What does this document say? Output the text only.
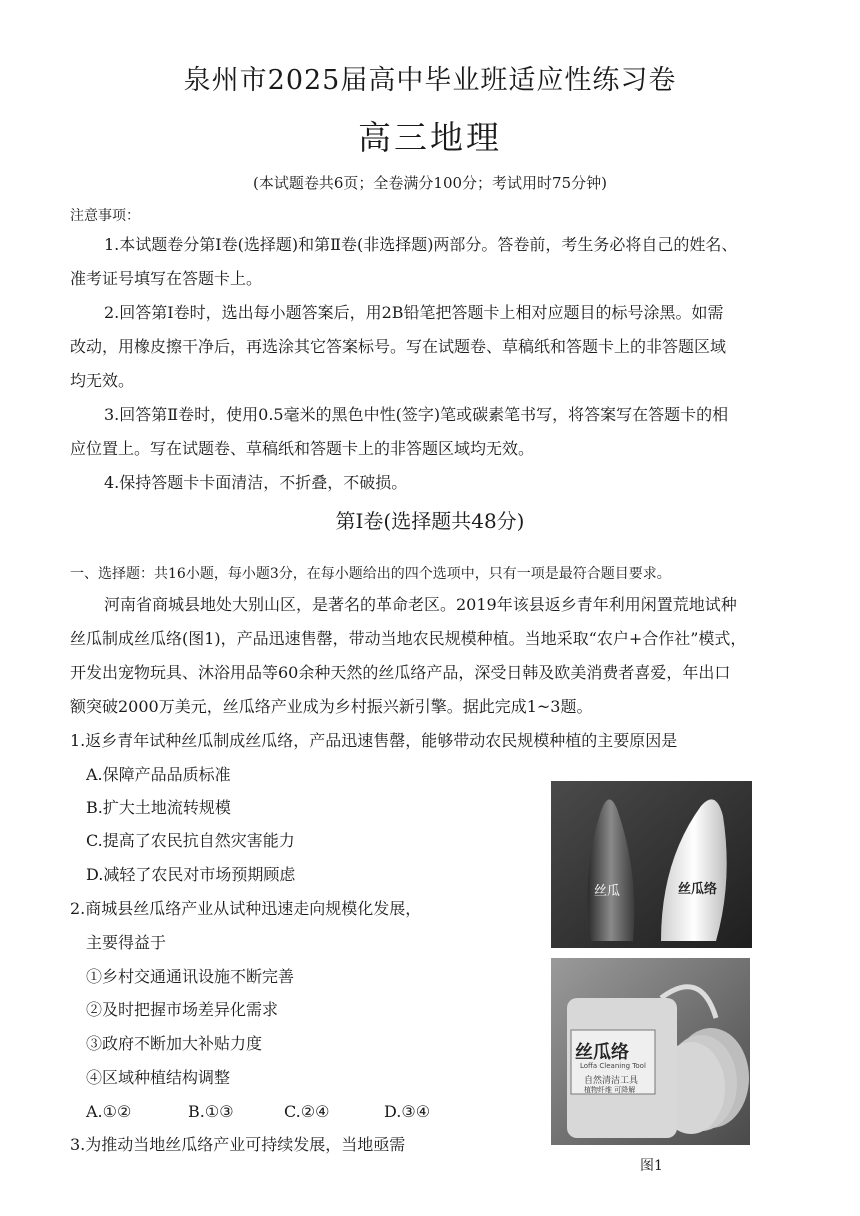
泉州市2025届高中毕业班适应性练习卷
高三地理
(本试题卷共6页；全卷满分100分；考试用时75分钟)
注意事项：
1.本试题卷分第Ⅰ卷(选择题)和第Ⅱ卷(非选择题)两部分。答卷前，考生务必将自己的姓名、
准考证号填写在答题卡上。
2.回答第Ⅰ卷时，选出每小题答案后，用2B铅笔把答题卡上相对应题目的标号涂黑。如需
改动，用橡皮擦干净后，再选涂其它答案标号。写在试题卷、草稿纸和答题卡上的非答题区域
均无效。
3.回答第Ⅱ卷时，使用0.5毫米的黑色中性(签字)笔或碳素笔书写，将答案写在答题卡的相
应位置上。写在试题卷、草稿纸和答题卡上的非答题区域均无效。
4.保持答题卡卡面清洁，不折叠，不破损。
第Ⅰ卷(选择题共48分)
一、选择题：共16小题，每小题3分，在每小题给出的四个选项中，只有一项是最符合题目要求。
河南省商城县地处大别山区，是著名的革命老区。2019年该县返乡青年利用闲置荒地试种
丝瓜制成丝瓜络(图1)，产品迅速售罄，带动当地农民规模种植。当地采取“农户+合作社”模式，
开发出宠物玩具、沐浴用品等60余种天然的丝瓜络产品，深受日韩及欧美消费者喜爱，年出口
额突破2000万美元，丝瓜络产业成为乡村振兴新引擎。据此完成1~3题。
1.返乡青年试种丝瓜制成丝瓜络，产品迅速售罄，能够带动农民规模种植的主要原因是
A.保障产品品质标准
B.扩大土地流转规模
C.提高了农民抗自然灾害能力
D.减轻了农民对市场预期顾虑
2.商城县丝瓜络产业从试种迅速走向规模化发展，
主要得益于
①乡村交通通讯设施不断完善
②及时把握市场差异化需求
③政府不断加大补贴力度
④区域种植结构调整
A.①②	B.①③	C.②④	D.③④
3.为推动当地丝瓜络产业可持续发展，当地亟需
丝瓜	丝瓜络
丝瓜络
Loffa Cleaning Tool
自然清洁工具
植物纤维 可降解
图1
